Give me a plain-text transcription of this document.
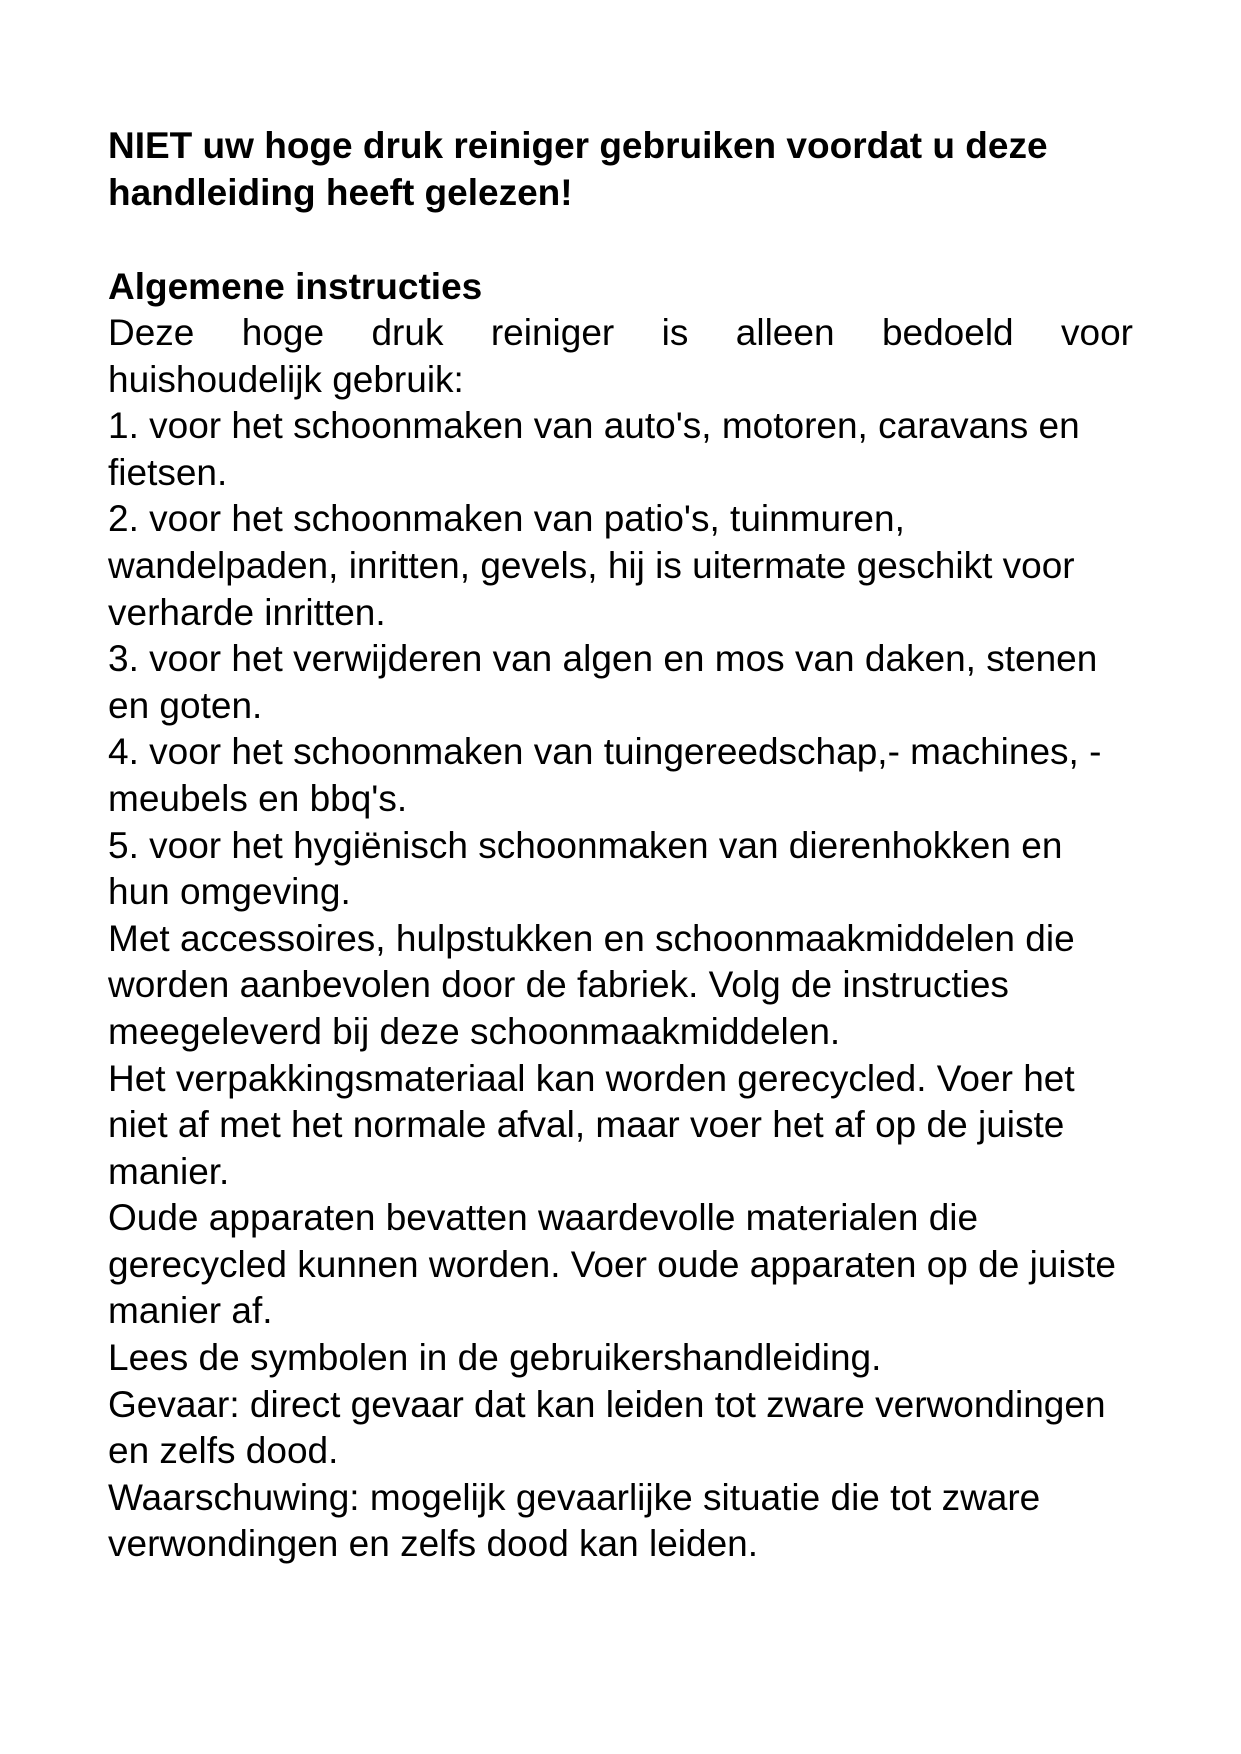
NIET uw hoge druk reiniger gebruiken voordat u deze handleiding heeft gelezen!

Algemene instructies

Deze hoge druk reiniger is alleen bedoeld voor

huishoudelijk gebruik:

1. voor het schoonmaken van auto's, motoren, caravans en fietsen.

2. voor het schoonmaken van patio's, tuinmuren, wandelpaden, inritten, gevels, hij is uitermate geschikt voor verharde inritten.

3. voor het verwijderen van algen en mos van daken, stenen en goten.

4. voor het schoonmaken van tuingereedschap,- machines, -meubels en bbq's.

5. voor het hygiënisch schoonmaken van dierenhokken en hun omgeving.

Met accessoires, hulpstukken en schoonmaakmiddelen die worden aanbevolen door de fabriek. Volg de instructies meegeleverd bij deze schoonmaakmiddelen.

Het verpakkingsmateriaal kan worden gerecycled. Voer het niet af met het normale afval, maar voer het af op de juiste manier.

Oude apparaten bevatten waardevolle materialen die gerecycled kunnen worden. Voer oude apparaten op de juiste manier af.

Lees de symbolen in de gebruikershandleiding.

Gevaar: direct gevaar dat kan leiden tot zware verwondingen en zelfs dood.

Waarschuwing: mogelijk gevaarlijke situatie die tot zware verwondingen en zelfs dood kan leiden.
